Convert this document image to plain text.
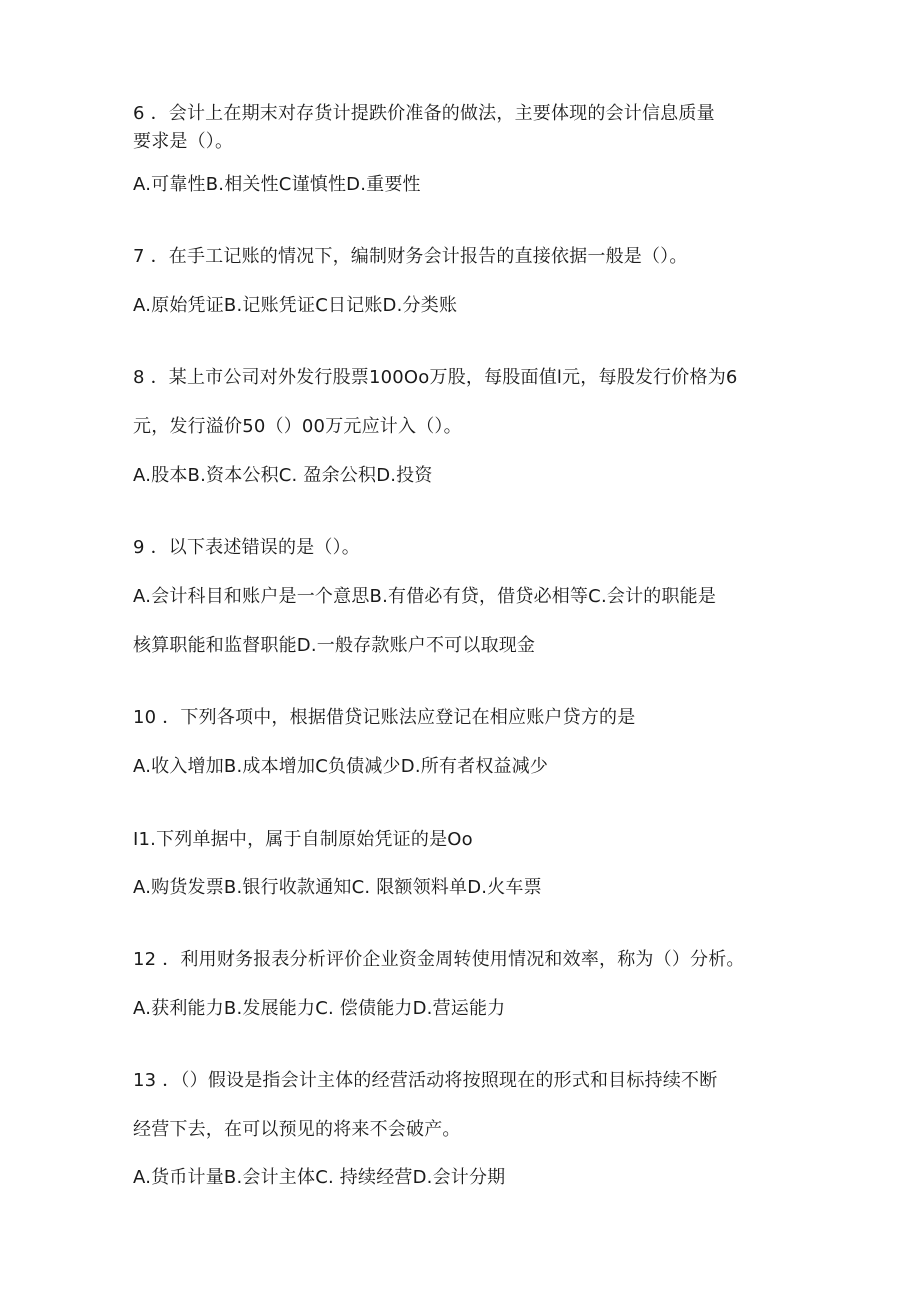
6 ．会计上在期末对存货计提跌价准备的做法，主要体现的会计信息质量
要求是（）。
A.可靠性B.相关性C谨慎性D.重要性
7 ．在手工记账的情况下，编制财务会计报告的直接依据一般是（）。
A.原始凭证B.记账凭证C日记账D.分类账
8 ．某上市公司对外发行股票100Oo万股，每股面值l元，每股发行价格为6
元，发行溢价50（）00万元应计入（）。
A.股本B.资本公积C. 盈余公积D.投资
9 ．以下表述错误的是（）。
A.会计科目和账户是一个意思B.有借必有贷，借贷必相等C.会计的职能是
核算职能和监督职能D.一般存款账户不可以取现金
10 ．下列各项中，根据借贷记账法应登记在相应账户贷方的是
A.收入增加B.成本增加C负债减少D.所有者权益减少
I1.下列单据中，属于自制原始凭证的是Oo
A.购货发票B.银行收款通知C. 限额领料单D.火车票
12 ．利用财务报表分析评价企业资金周转使用情况和效率，称为（）分析。
A.获利能力B.发展能力C. 偿债能力D.营运能力
13 ．（）假设是指会计主体的经营活动将按照现在的形式和目标持续不断
经营下去，在可以预见的将来不会破产。
A.货币计量B.会计主体C. 持续经营D.会计分期
